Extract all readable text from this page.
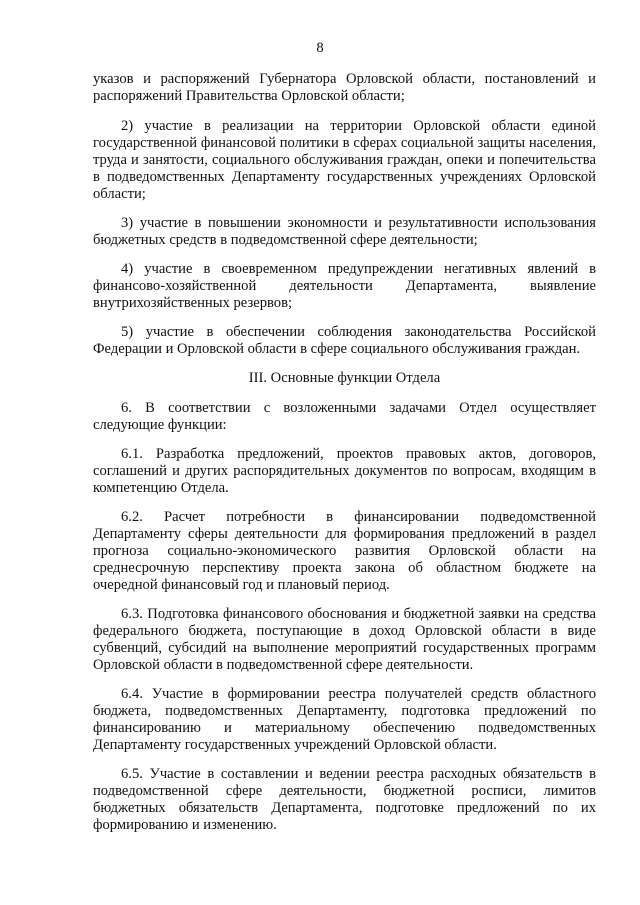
8

указов и распоряжений Губернатора Орловской области, постановлений и распоряжений Правительства Орловской области;

2) участие в реализации на территории Орловской области единой государственной финансовой политики в сферах социальной защиты населения, труда и занятости, социального обслуживания граждан, опеки и попечительства в подведомственных Департаменту государственных учреждениях Орловской области;

3) участие в повышении экономности и результативности использования бюджетных средств в подведомственной сфере деятельности;

4) участие в своевременном предупреждении негативных явлений в финансово-хозяйственной деятельности Департамента, выявление внутрихозяйственных резервов;

5) участие в обеспечении соблюдения законодательства Российской Федерации и Орловской области в сфере социального обслуживания граждан.

III. Основные функции Отдела

6. В соответствии с возложенными задачами Отдел осуществляет следующие функции:

6.1. Разработка предложений, проектов правовых актов, договоров, соглашений и других распорядительных документов по вопросам, входящим в компетенцию Отдела.

6.2. Расчет потребности в финансировании подведомственной Департаменту сферы деятельности для формирования предложений в раздел прогноза социально-экономического развития Орловской области на среднесрочную перспективу проекта закона об областном бюджете на очередной финансовый год и плановый период.

6.3. Подготовка финансового обоснования и бюджетной заявки на средства федерального бюджета, поступающие в доход Орловской области в виде субвенций, субсидий на выполнение мероприятий государственных программ Орловской области в подведомственной сфере деятельности.

6.4. Участие в формировании реестра получателей средств областного бюджета, подведомственных Департаменту, подготовка предложений по финансированию и материальному обеспечению подведомственных Департаменту государственных учреждений Орловской области.

6.5. Участие в составлении и ведении реестра расходных обязательств в подведомственной сфере деятельности, бюджетной росписи, лимитов бюджетных обязательств Департамента, подготовке предложений по их формированию и изменению.
